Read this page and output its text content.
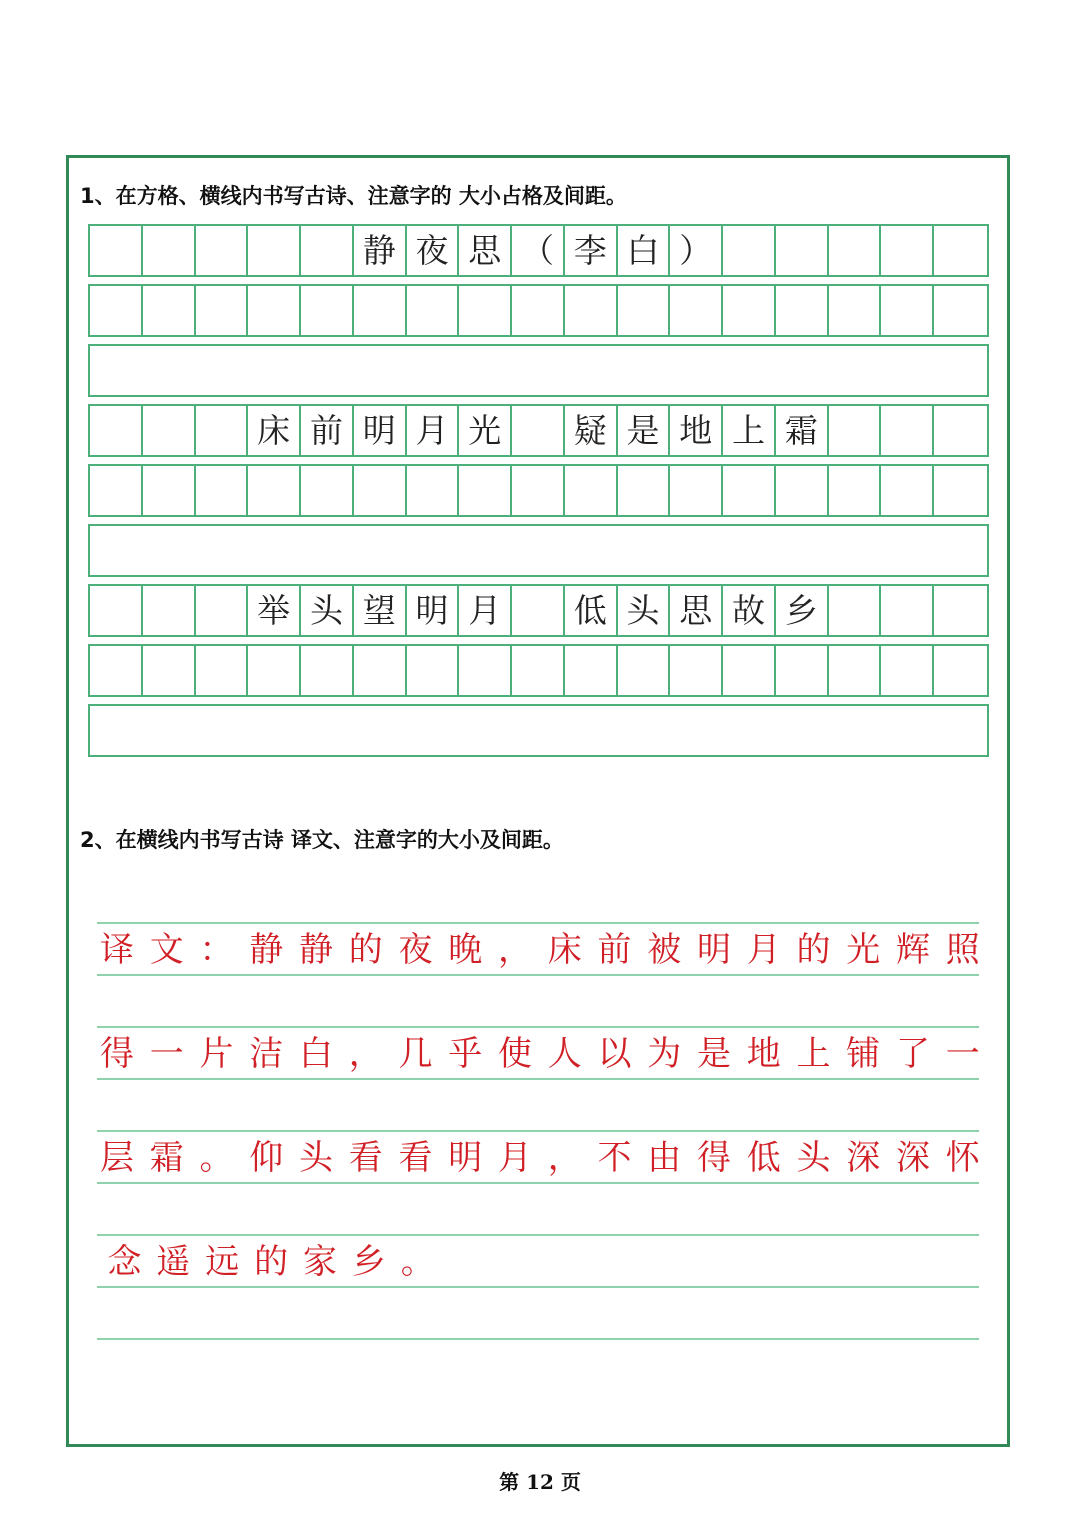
1、在方格、横线内书写古诗、注意字的 大小占格及间距。
静 夜 思 （ 李 白 ）
床 前 明 月 光	疑 是 地 上 霜
举 头 望 明 月	低 头 思 故 乡
2、在横线内书写古诗 译文、注意字的大小及间距。
译 文 ： 静 静 的 夜 晚 ， 床 前 被 明 月 的 光 辉 照
得 一 片 洁 白 ， 几 乎 使 人 以 为 是 地 上 铺 了 一
层 霜 。 仰 头 看 看 明 月 ， 不 由 得 低 头 深 深 怀
念 遥 远 的 家 乡 。
第 12 页
